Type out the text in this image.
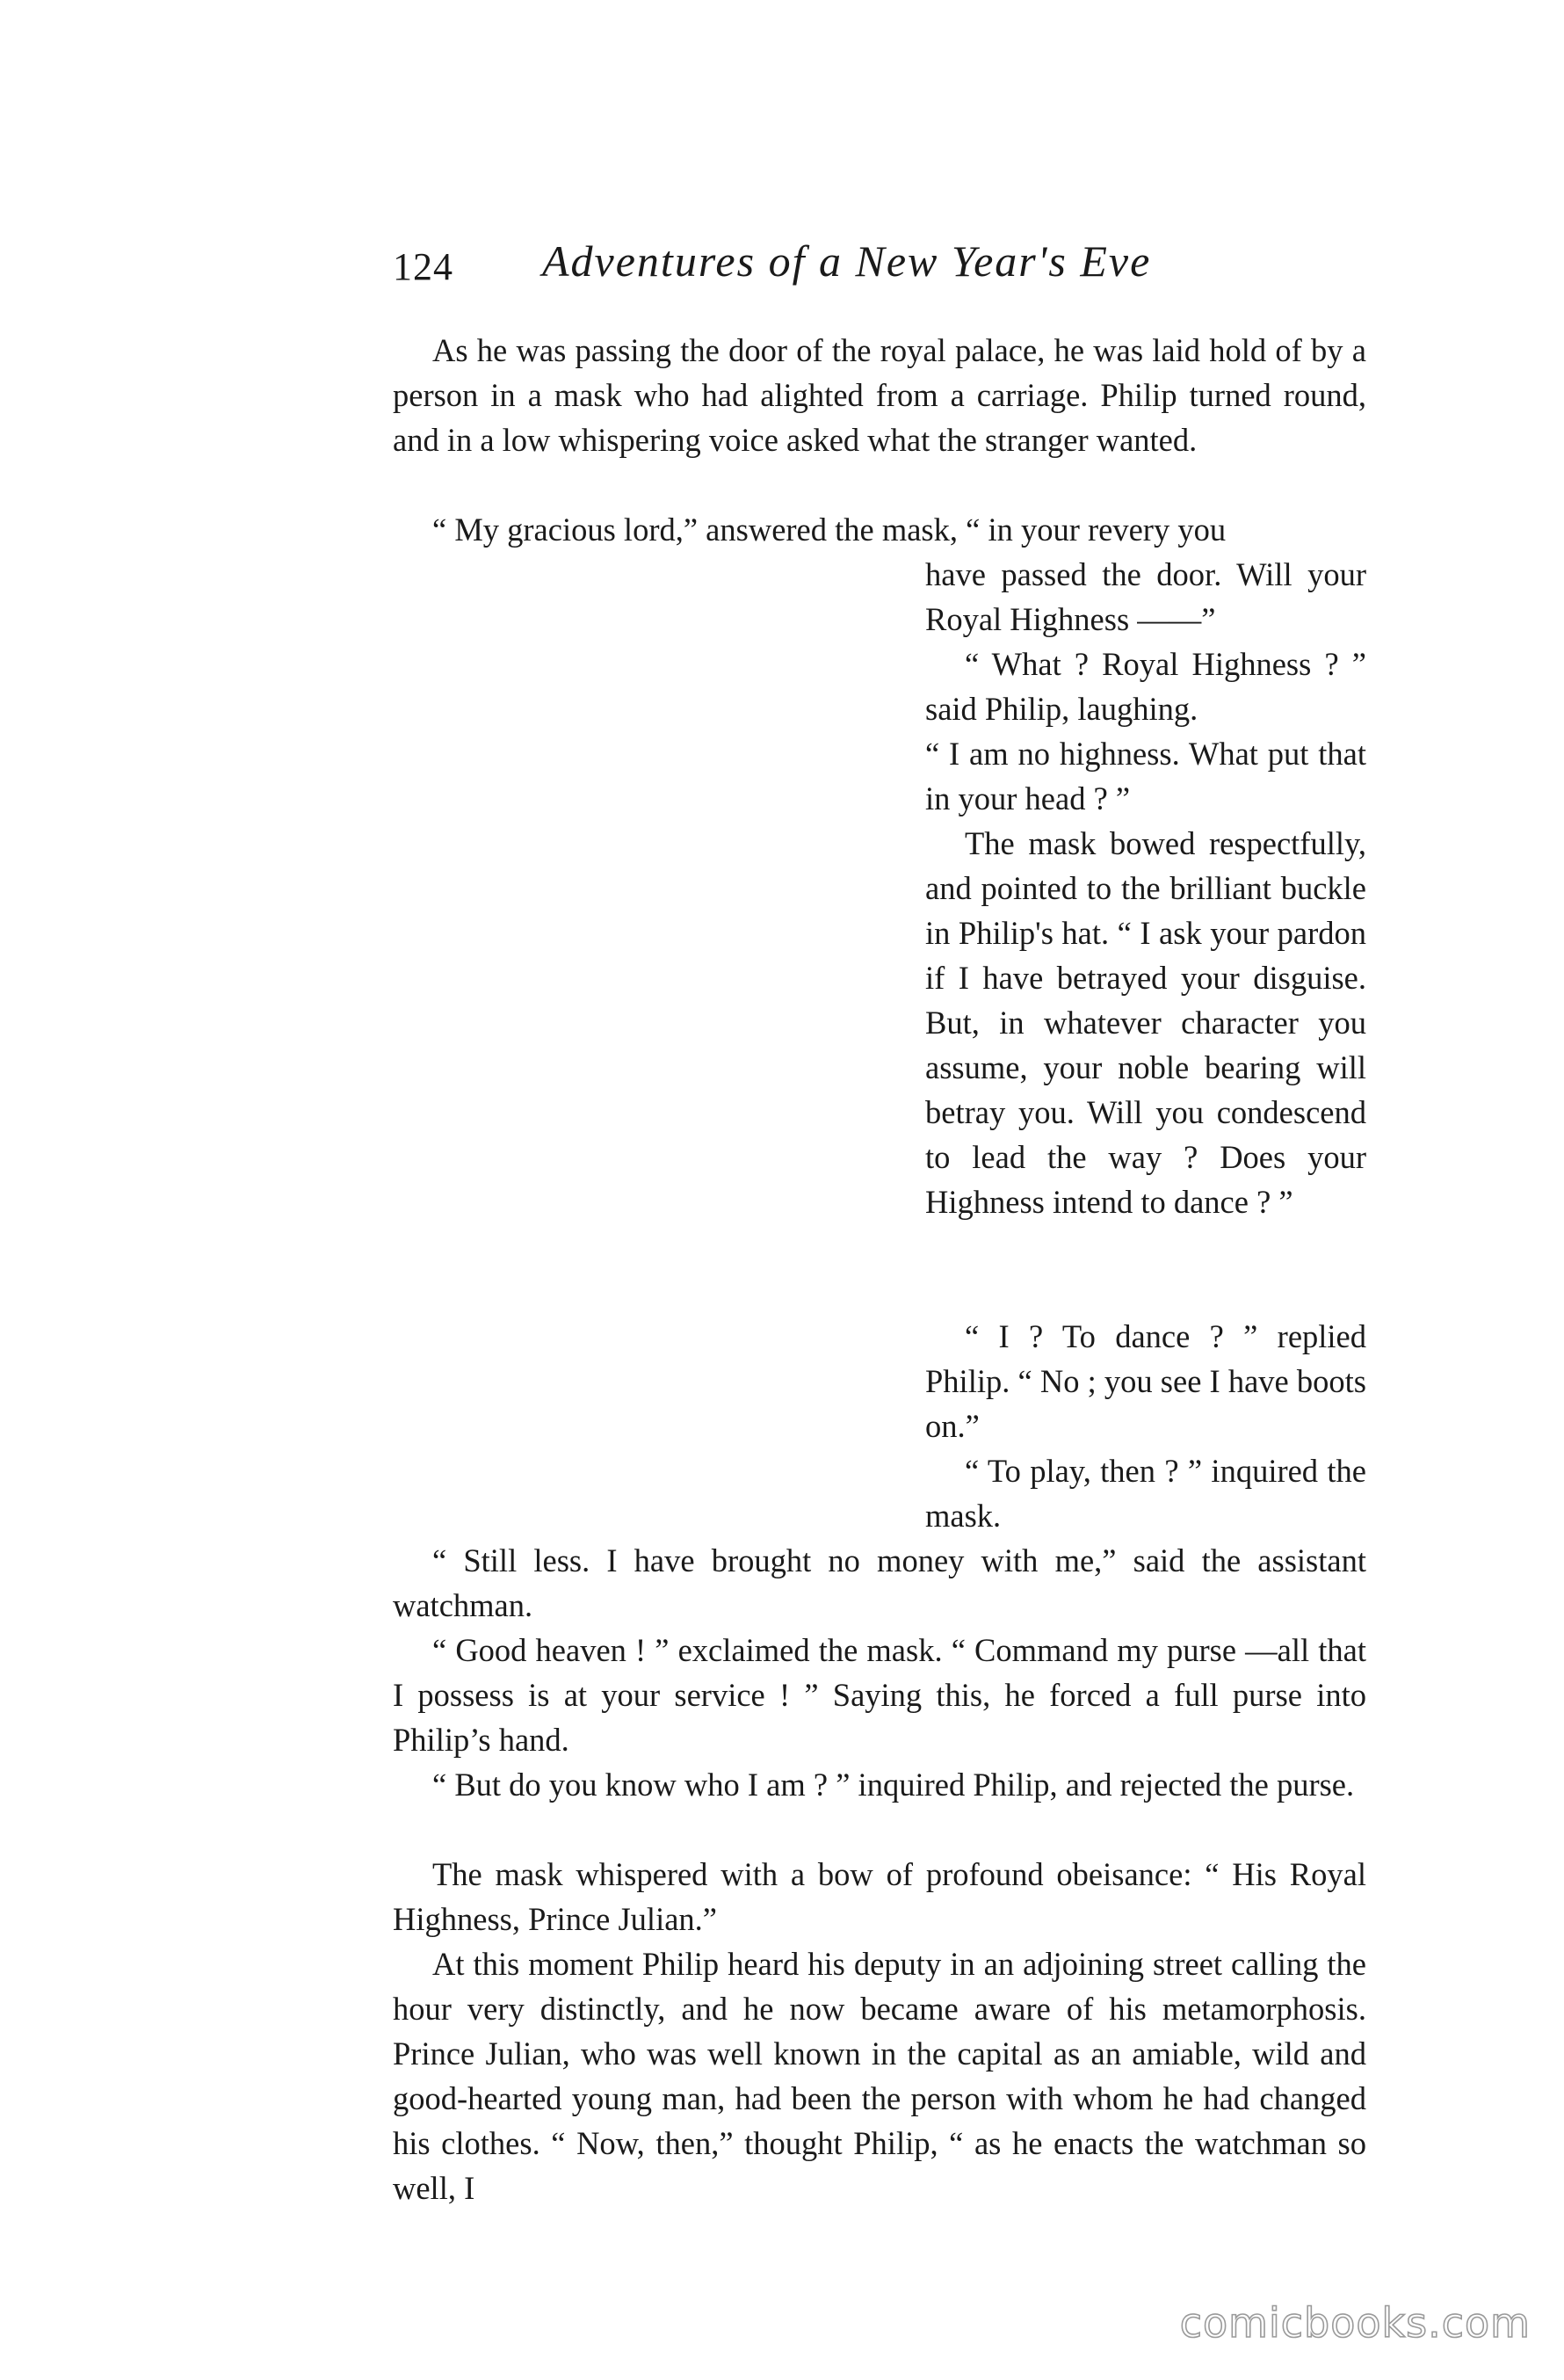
124 Adventures of a New Year's Eve

As he was passing the door of the royal palace, he was laid hold of by a person in a mask who had alighted from a carriage. Philip turned round, and in a low whispering voice asked what the stranger wanted.

“ My gracious lord,” answered the mask, “ in your revery you

have passed the door. Will your Royal Highness ——”

“ What ? Royal Highness ? ” said Philip, laughing.

“ I am no highness. What put that in your head ? ”

The mask bowed respectfully, and pointed to the brilliant buckle in Philip's hat. “ I ask your pardon if I have betrayed your disguise. But, in whatever character you assume, your noble bearing will betray you. Will you condescend to lead the way ? Does your Highness intend to dance ? ”

“ I ? To dance ? ” replied Philip. “ No ; you see I have boots on.”

“ To play, then ? ” inquired the mask.

“ Still less. I have brought no money with me,” said the assistant watchman.

“ Good heaven ! ” exclaimed the mask. “ Command my purse —all that I possess is at your service ! ” Saying this, he forced a full purse into Philip’s hand.

“ But do you know who I am ? ” inquired Philip, and rejected the purse.

The mask whispered with a bow of profound obeisance: “ His Royal Highness, Prince Julian.”

At this moment Philip heard his deputy in an adjoining street calling the hour very distinctly, and he now became aware of his metamorphosis. Prince Julian, who was well known in the capital as an amiable, wild and good-hearted young man, had been the person with whom he had changed his clothes. “ Now, then,” thought Philip, “ as he enacts the watchman so well, I

comicbooks.com
